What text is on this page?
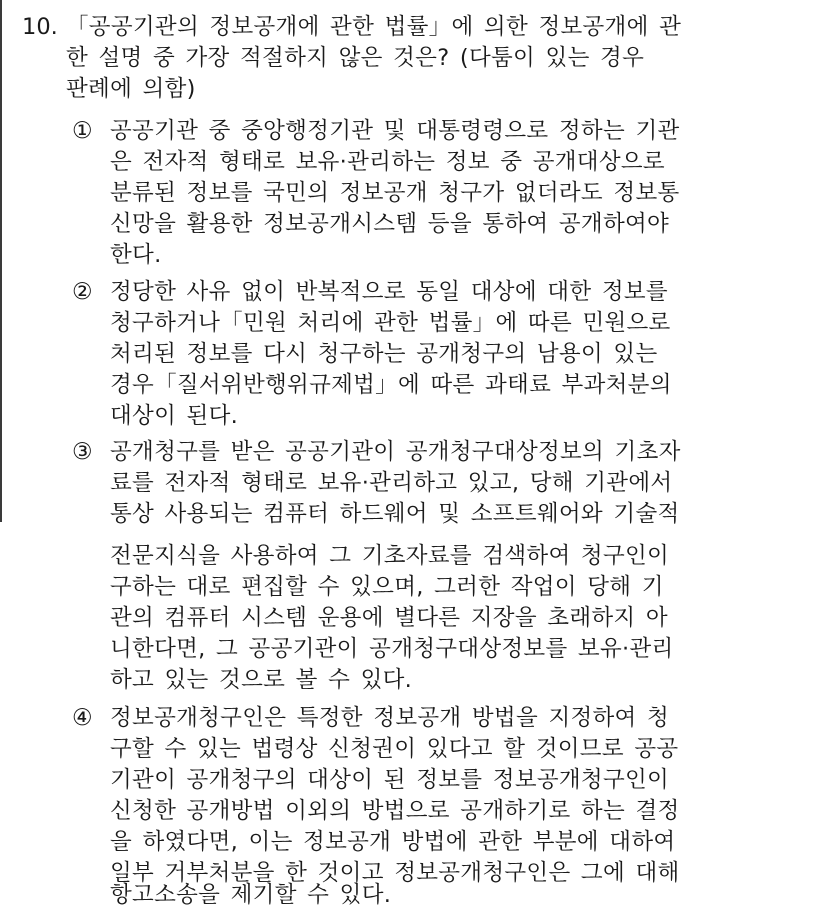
10. 「공공기관의 정보공개에 관한 법률」에 의한 정보공개에 관
한 설명 중 가장 적절하지 않은 것은? (다툼이 있는 경우
판례에 의함)
① 공공기관 중 중앙행정기관 및 대통령령으로 정하는 기관
은 전자적 형태로 보유·관리하는 정보 중 공개대상으로
분류된 정보를 국민의 정보공개 청구가 없더라도 정보통
신망을 활용한 정보공개시스템 등을 통하여 공개하여야
한다.
② 정당한 사유 없이 반복적으로 동일 대상에 대한 정보를
청구하거나「민원 처리에 관한 법률」에 따른 민원으로
처리된 정보를 다시 청구하는 공개청구의 남용이 있는
경우「질서위반행위규제법」에 따른 과태료 부과처분의
대상이 된다.
③ 공개청구를 받은 공공기관이 공개청구대상정보의 기초자
료를 전자적 형태로 보유·관리하고 있고, 당해 기관에서
통상 사용되는 컴퓨터 하드웨어 및 소프트웨어와 기술적
전문지식을 사용하여 그 기초자료를 검색하여 청구인이
구하는 대로 편집할 수 있으며, 그러한 작업이 당해 기
관의 컴퓨터 시스템 운용에 별다른 지장을 초래하지 아
니한다면, 그 공공기관이 공개청구대상정보를 보유·관리
하고 있는 것으로 볼 수 있다.
④ 정보공개청구인은 특정한 정보공개 방법을 지정하여 청
구할 수 있는 법령상 신청권이 있다고 할 것이므로 공공
기관이 공개청구의 대상이 된 정보를 정보공개청구인이
신청한 공개방법 이외의 방법으로 공개하기로 하는 결정
을 하였다면, 이는 정보공개 방법에 관한 부분에 대하여
일부 거부처분을 한 것이고 정보공개청구인은 그에 대해
항고소송을 제기할 수 있다.
